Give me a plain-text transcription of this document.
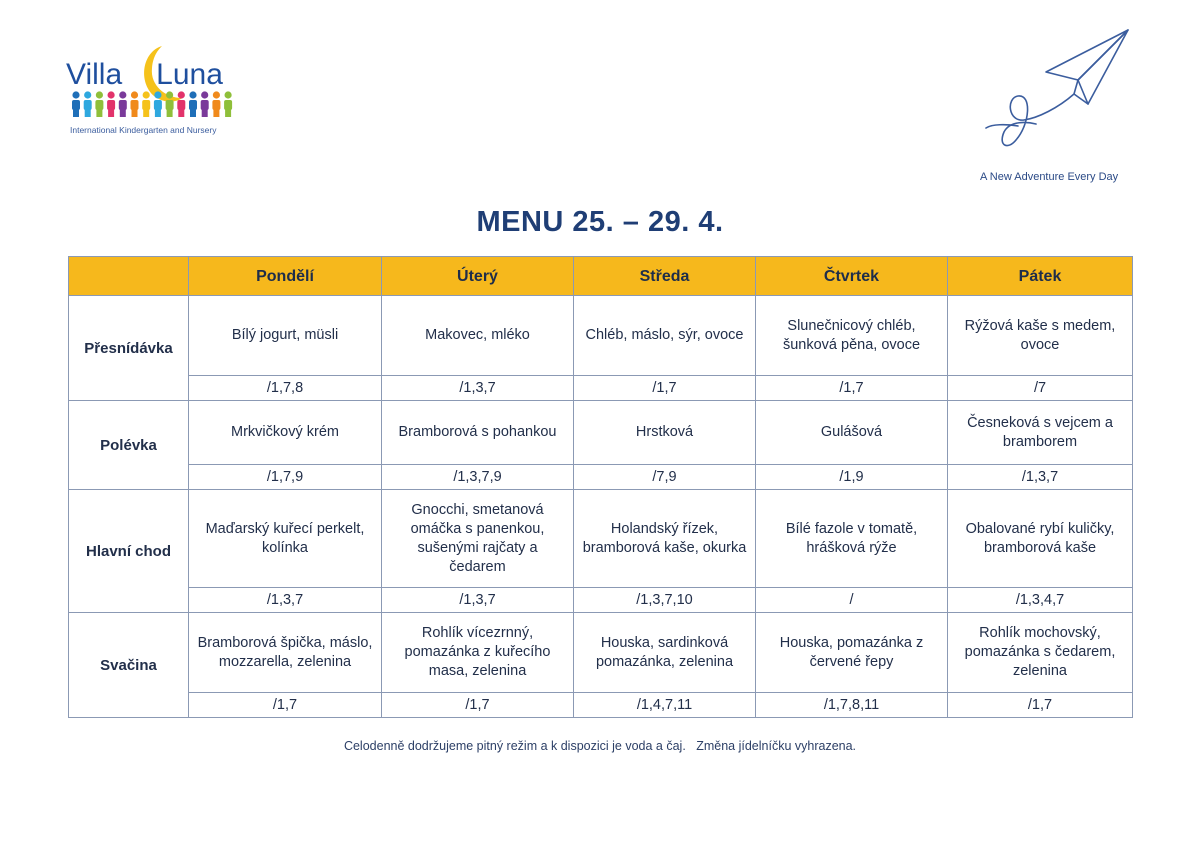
Villa Luna
International Kindergarten and Nursery
A New Adventure Every Day
MENU 25. – 29. 4.
	Pondělí	Úterý	Středa	Čtvrtek	Pátek
Přesnídávka	Bílý jogurt, müsli	Makovec, mléko	Chléb, máslo, sýr, ovoce	Slunečnicový chléb, šunková pěna, ovoce	Rýžová kaše s medem, ovoce
	/1,7,8	/1,3,7	/1,7	/1,7	/7
Polévka	Mrkvičkový krém	Bramborová s pohankou	Hrstková	Gulášová	Česneková s vejcem a bramborem
	/1,7,9	/1,3,7,9	/7,9	/1,9	/1,3,7
Hlavní chod	Maďarský kuřecí perkelt, kolínka	Gnocchi, smetanová omáčka s panenkou, sušenými rajčaty a čedarem	Holandský řízek, bramborová kaše, okurka	Bílé fazole v tomatě, hrášková rýže	Obalované rybí kuličky, bramborová kaše
	/1,3,7	/1,3,7	/1,3,7,10	/	/1,3,4,7
Svačina	Bramborová špička, máslo, mozzarella, zelenina	Rohlík vícezrnný, pomazánka z kuřecího masa, zelenina	Houska, sardinková pomazánka, zelenina	Houska, pomazánka z červené řepy	Rohlík mochovský, pomazánka s čedarem, zelenina
	/1,7	/1,7	/1,4,7,11	/1,7,8,11	/1,7
Celodenně dodržujeme pitný režim a k dispozici je voda a čaj.   Změna jídelníčku vyhrazena.
